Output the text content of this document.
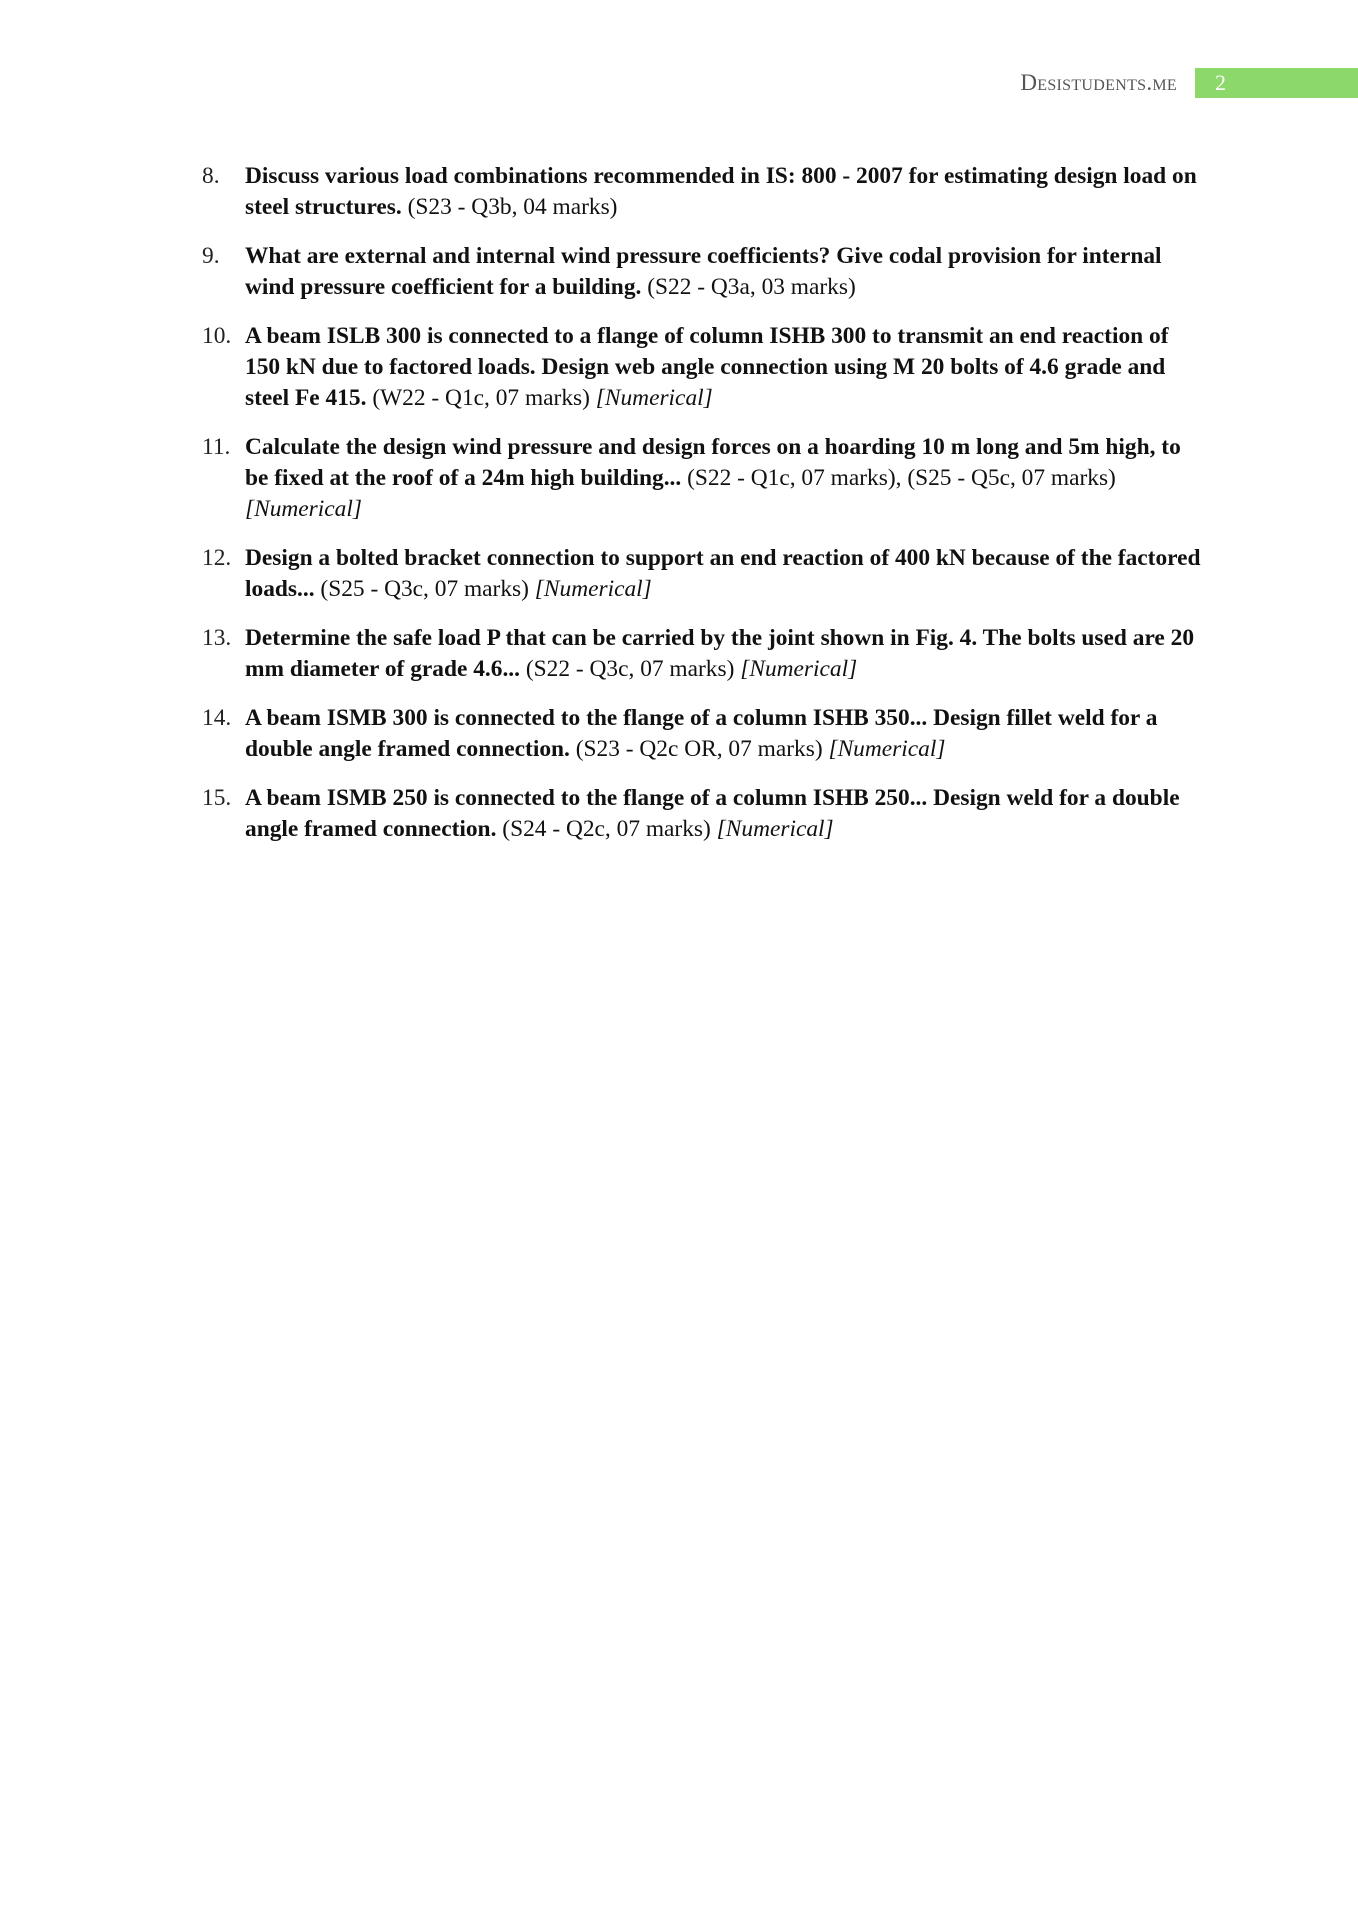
Desistudents.me 2
8.	Discuss various load combinations recommended in IS: 800 - 2007 for estimating design load on steel structures. (S23 - Q3b, 04 marks)
9.	What are external and internal wind pressure coefficients? Give codal provision for internal wind pressure coefficient for a building. (S22 - Q3a, 03 marks)
10. A beam ISLB 300 is connected to a flange of column ISHB 300 to transmit an end reaction of 150 kN due to factored loads. Design web angle connection using M 20 bolts of 4.6 grade and steel Fe 415. (W22 - Q1c, 07 marks) [Numerical]
11. Calculate the design wind pressure and design forces on a hoarding 10 m long and 5m high, to be fixed at the roof of a 24m high building... (S22 - Q1c, 07 marks), (S25 - Q5c, 07 marks) [Numerical]
12. Design a bolted bracket connection to support an end reaction of 400 kN because of the factored loads... (S25 - Q3c, 07 marks) [Numerical]
13. Determine the safe load P that can be carried by the joint shown in Fig. 4. The bolts used are 20 mm diameter of grade 4.6... (S22 - Q3c, 07 marks) [Numerical]
14. A beam ISMB 300 is connected to the flange of a column ISHB 350... Design fillet weld for a double angle framed connection. (S23 - Q2c OR, 07 marks) [Numerical]
15. A beam ISMB 250 is connected to the flange of a column ISHB 250... Design weld for a double angle framed connection. (S24 - Q2c, 07 marks) [Numerical]
